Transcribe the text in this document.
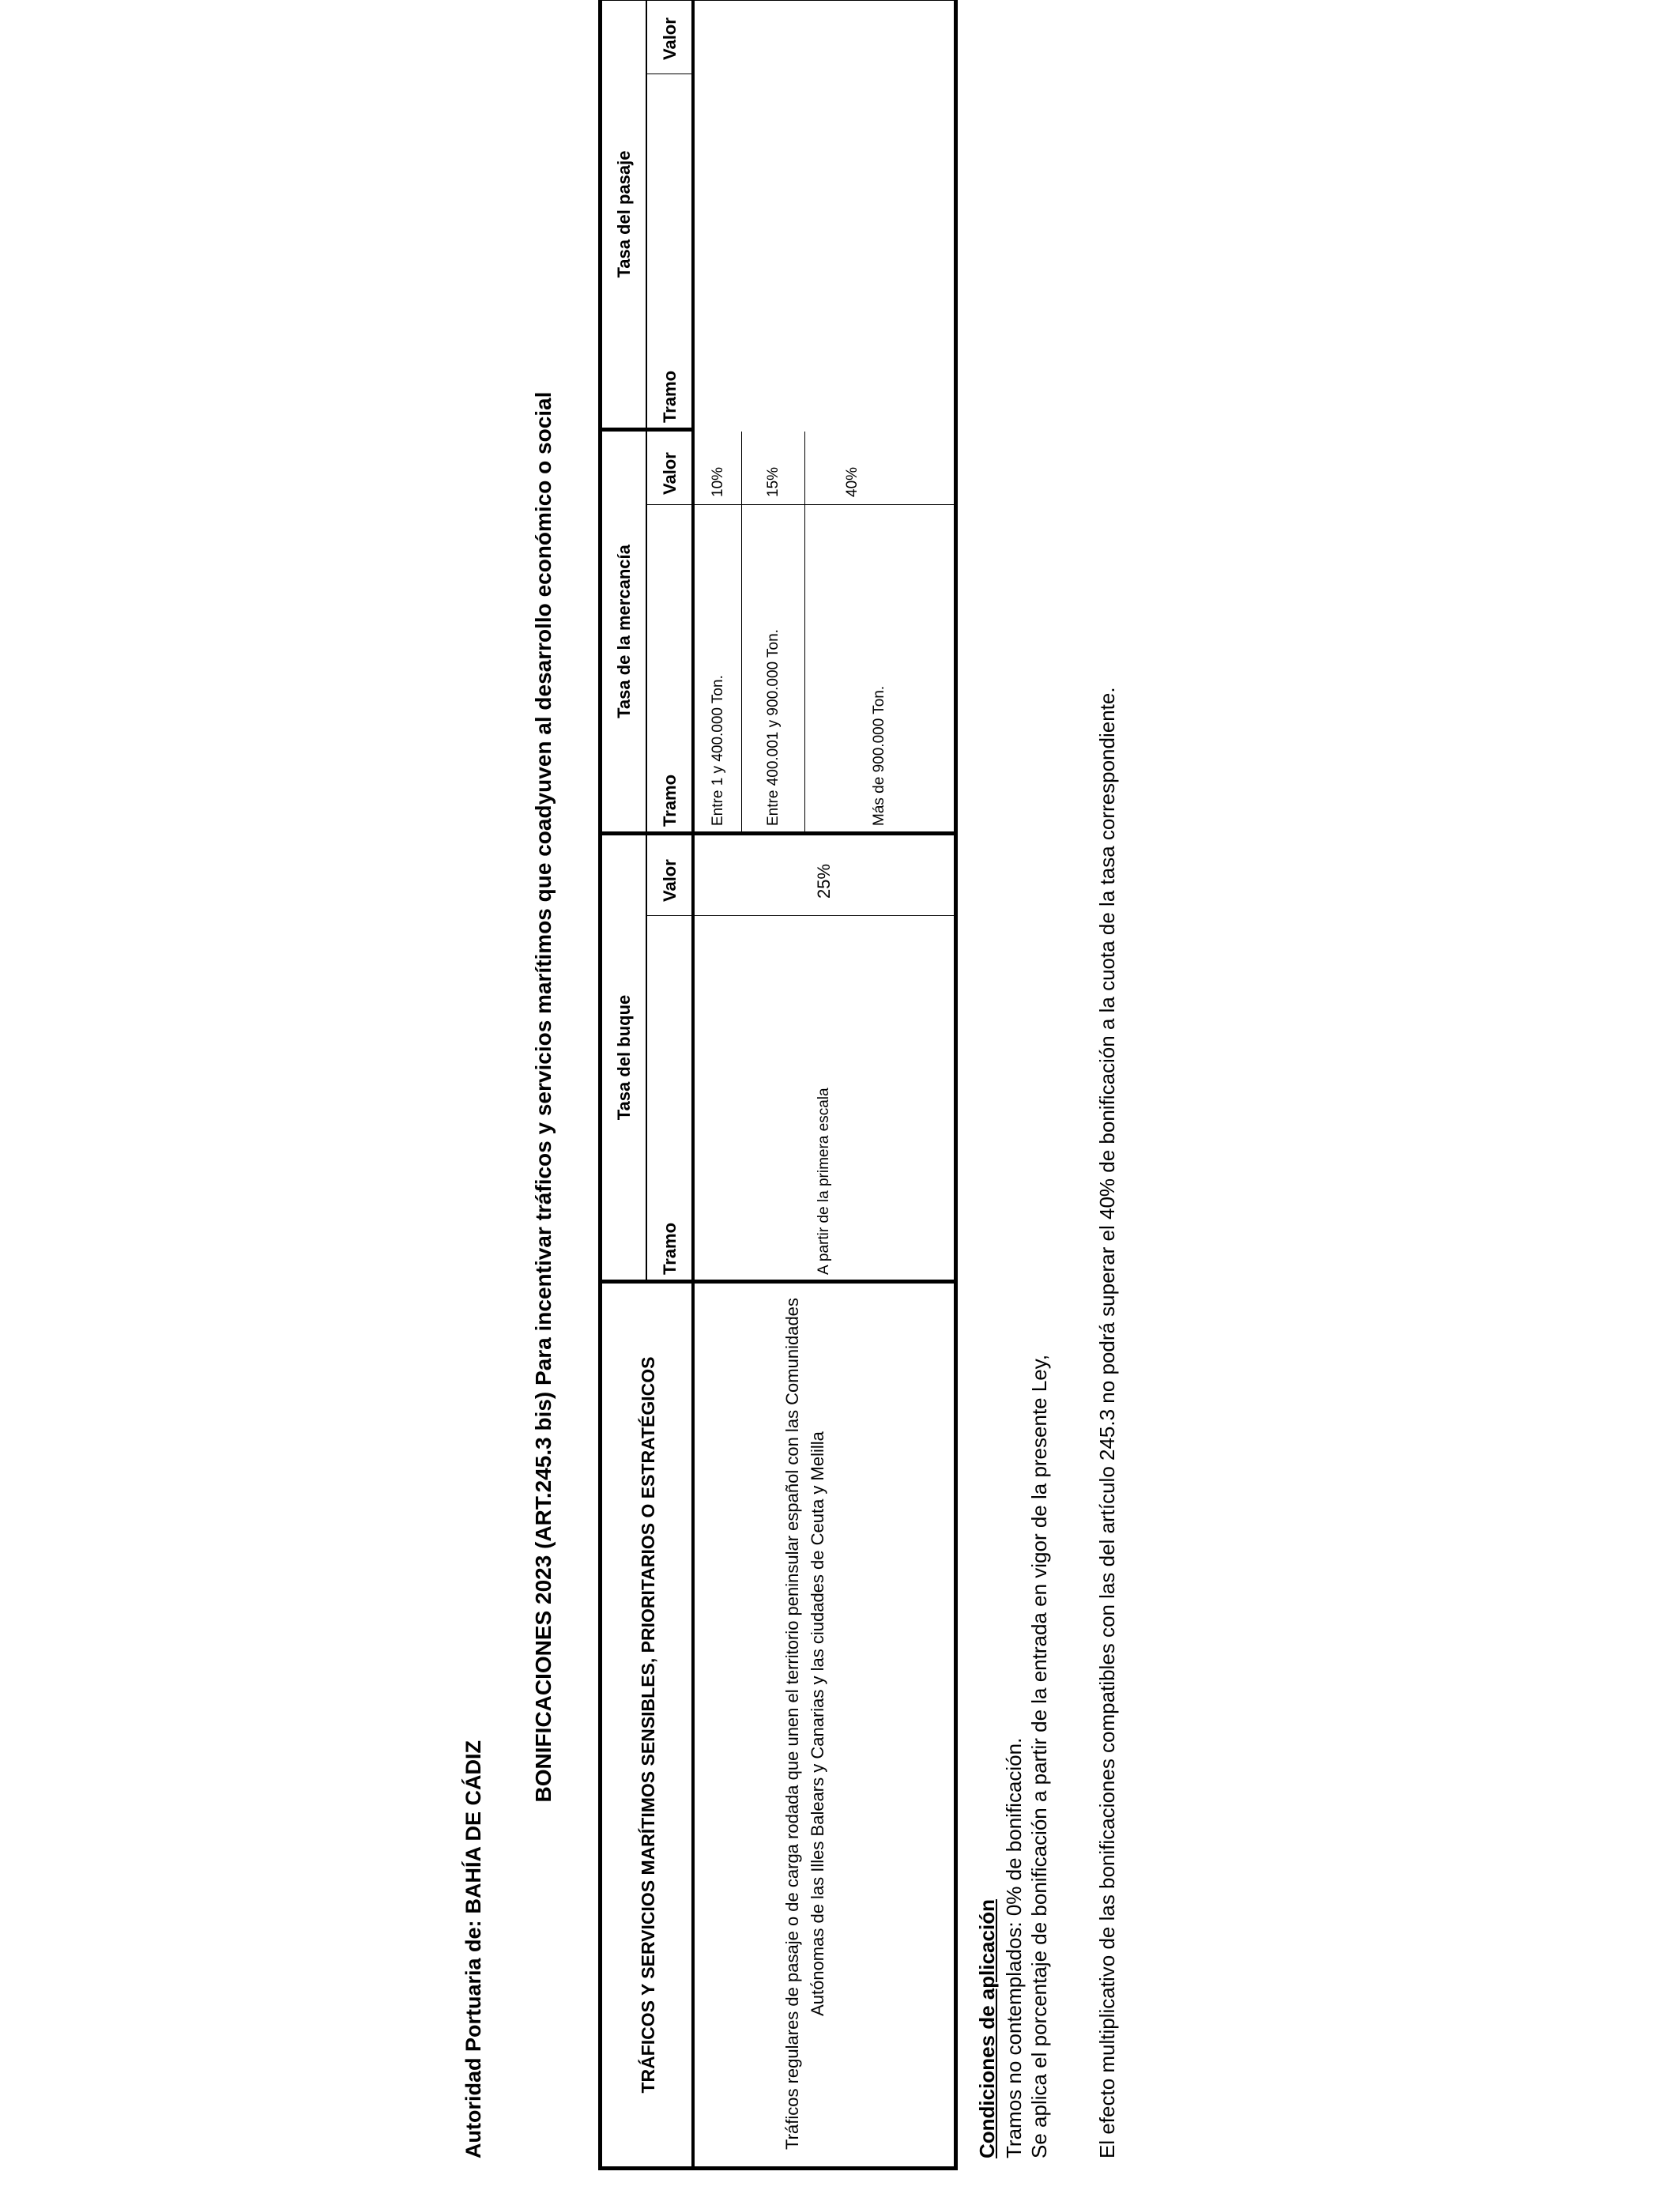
Autoridad Portuaria de:BAHÍA DE CÁDIZ
BONIFICACIONES 2023 (ART.245.3 bis) Para incentivar tráficos y servicios marítimos que coadyuven al desarrollo económico o social	TRÁFICOS Y SERVICIOS MARÍTIMOS SENSIBLES, PRIORITARIOS O ESTRATÉGICOS
Tasa del buque
Tasa de la mercancía
Tasa del pasaje
Tramo
Valor
Tramo
Valor
Tramo
Valor
Tráficos regulares de pasaje o de carga rodada que unen el territorio peninsular español con las Comunidades Autónomas de las Illes Balears y Canarias y las ciudades de Ceuta y Melilla
A partir de la primera escala
25%
Entre 1 y 400.000 Ton.
10%
Entre 400.001 y 900.000 Ton.
15%
Más de 900.000 Ton.
40%
Condiciones de aplicación Tramos no contemplados: 0% de bonificación. Se aplica el porcentaje de bonificación a partir de la entrada en vigor de la presente Ley, El efecto multiplicativo de las bonificaciones compatibles con las del artículo 245.3 no podrá superar el 40% de bonificación a la cuota de la tasa correspondiente.
